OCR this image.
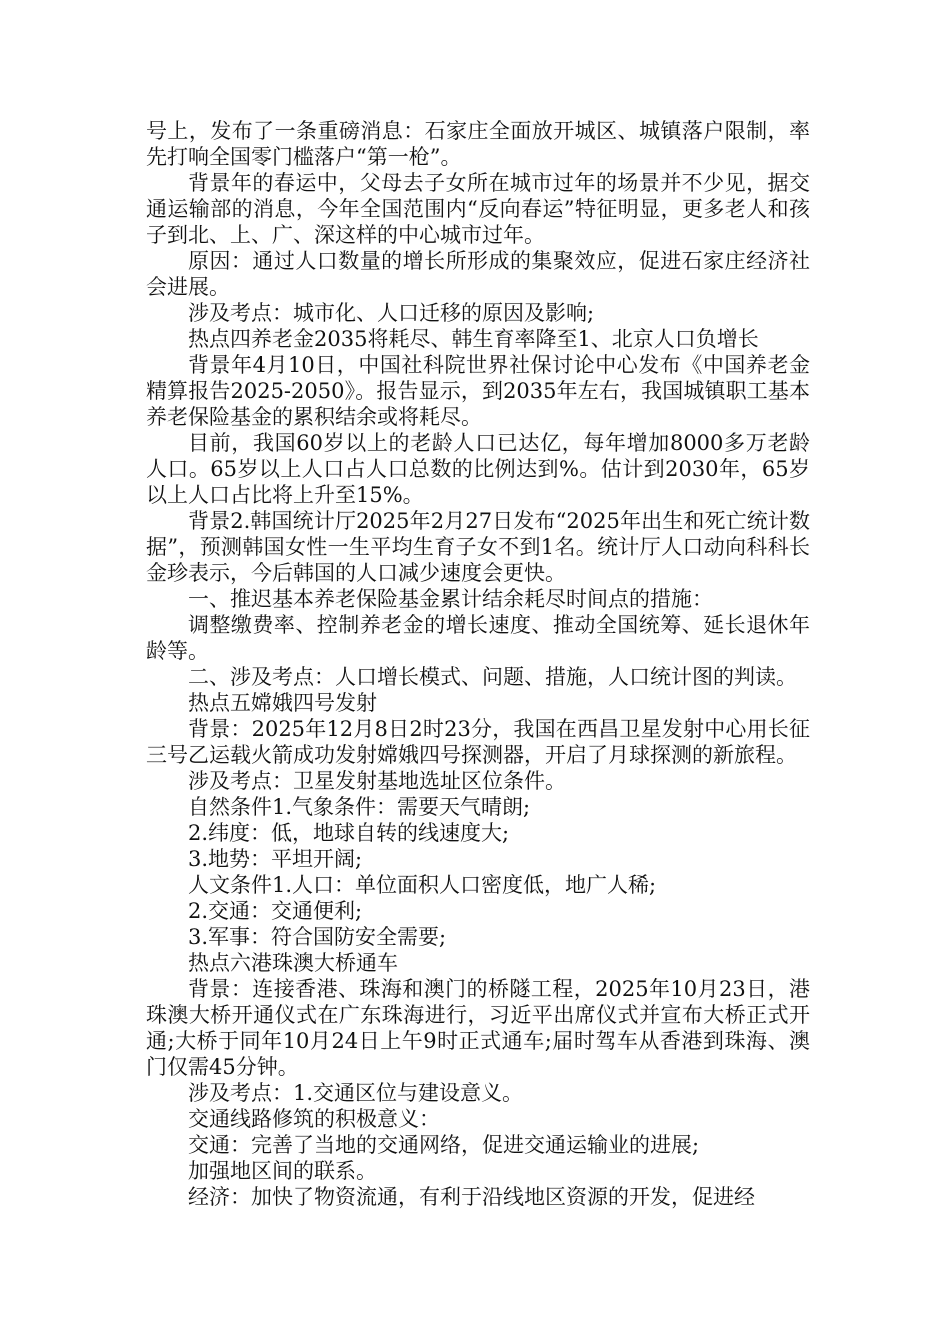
号上，发布了一条重磅消息：石家庄全面放开城区、城镇落户限制，率先打响全国零门槛落户“第一枪”。

背景年的春运中，父母去子女所在城市过年的场景并不少见，据交通运输部的消息，今年全国范围内“反向春运”特征明显，更多老人和孩子到北、上、广、深这样的中心城市过年。

原因：通过人口数量的增长所形成的集聚效应，促进石家庄经济社会进展。

涉及考点：城市化、人口迁移的原因及影响;

热点四养老金2035将耗尽、韩生育率降至1、北京人口负增长

背景年4月10日，中国社科院世界社保讨论中心发布《中国养老金精算报告2025-2050》。报告显示，到2035年左右，我国城镇职工基本养老保险基金的累积结余或将耗尽。

目前，我国60岁以上的老龄人口已达亿，每年增加8000多万老龄人口。65岁以上人口占人口总数的比例达到%。估计到2030年，65岁以上人口占比将上升至15%。

背景2.韩国统计厅2025年2月27日发布“2025年出生和死亡统计数据”，预测韩国女性一生平均生育子女不到1名。统计厅人口动向科科长金珍表示，今后韩国的人口减少速度会更快。

一、推迟基本养老保险基金累计结余耗尽时间点的措施：

调整缴费率、控制养老金的增长速度、推动全国统筹、延长退休年龄等。

二、涉及考点：人口增长模式、问题、措施，人口统计图的判读。

热点五嫦娥四号发射

背景：2025年12月8日2时23分，我国在西昌卫星发射中心用长征三号乙运载火箭成功发射嫦娥四号探测器，开启了月球探测的新旅程。

涉及考点：卫星发射基地选址区位条件。

自然条件1.气象条件：需要天气晴朗;

2.纬度：低，地球自转的线速度大;

3.地势：平坦开阔;

人文条件1.人口：单位面积人口密度低，地广人稀;

2.交通：交通便利;

3.军事：符合国防安全需要;

热点六港珠澳大桥通车

背景：连接香港、珠海和澳门的桥隧工程，2025年10月23日，港珠澳大桥开通仪式在广东珠海进行，习近平出席仪式并宣布大桥正式开通;大桥于同年10月24日上午9时正式通车;届时驾车从香港到珠海、澳门仅需45分钟。

涉及考点：1.交通区位与建设意义。

交通线路修筑的积极意义：

交通：完善了当地的交通网络，促进交通运输业的进展;

加强地区间的联系。

经济：加快了物资流通，有利于沿线地区资源的开发，促进经
